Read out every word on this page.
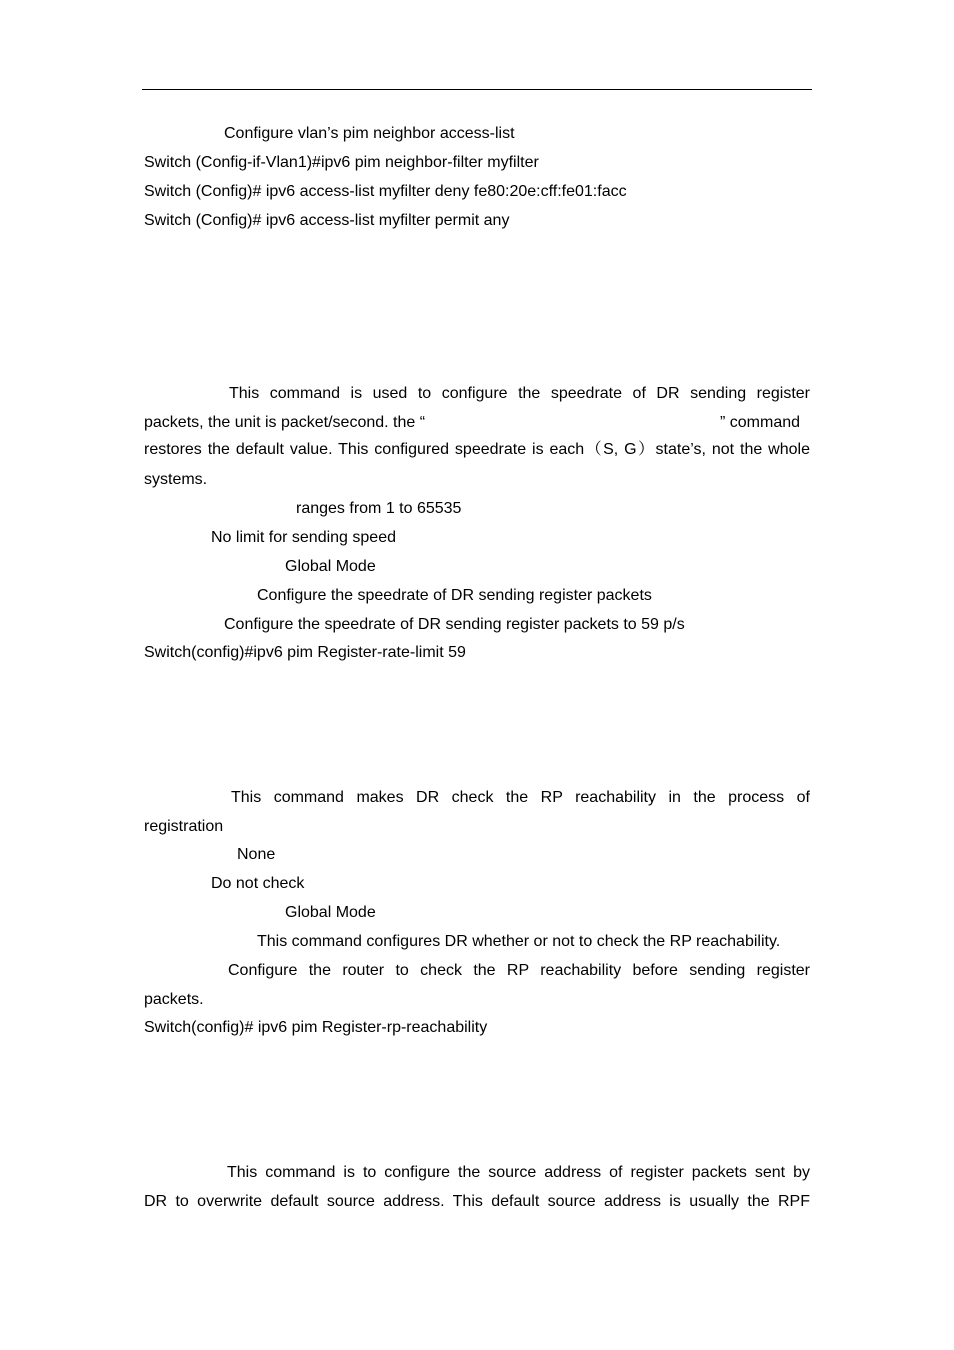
Configure vlan’s pim neighbor access-list
Switch (Config-if-Vlan1)#ipv6 pim neighbor-filter myfilter
Switch (Config)# ipv6 access-list myfilter deny fe80:20e:cff:fe01:facc
Switch (Config)# ipv6 access-list myfilter permit any
This command is used to configure the speedrate of DR sending register
packets, the unit is packet/second. the “	” command
restores the default value. This configured speedrate is each（S, G）state’s, not the whole
systems.
ranges from 1 to 65535
No limit for sending speed
Global Mode
Configure the speedrate of DR sending register packets
Configure the speedrate of DR sending register packets to 59 p/s
Switch(config)#ipv6 pim Register-rate-limit 59
This command makes DR check the RP reachability in the process of
registration
None
Do not check
Global Mode
This command configures DR whether or not to check the RP reachability.
Configure the router to check the RP reachability before sending register
packets.
Switch(config)# ipv6 pim Register-rp-reachability
This command is to configure the source address of register packets sent by
DR to overwrite default source address. This default source address is usually the RPF
